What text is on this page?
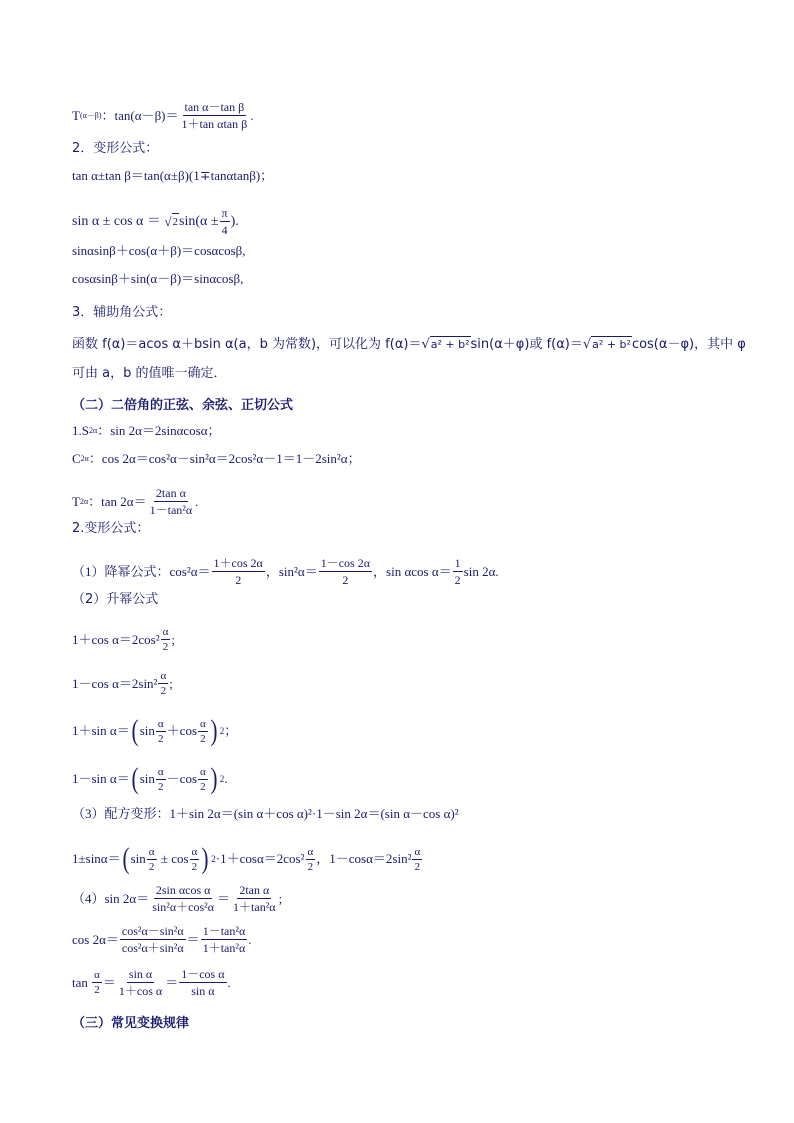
T (α－β) ：$\tan(\alpha-\beta)= \frac{\text{tan α－tan β}}{\text{1＋tan αtan β}}$ .
2．变形公式：
tan α±tan β＝tan(α±β)(1∓tanαtanβ)；
sin α ± cos α ＝ √ 2 $\sin(\alpha \pm \frac{\pi}{4}$ ).
sinαsinβ＋cos(α＋β)＝cosαcosβ,
cosαsinβ＋sin(α－β)＝sinαcosβ,
3．辅助角公式：
函数 f(α)＝acos α＋bsin α(a，b 为常数)，可以化为 f(α)＝ √ a² + b² sin(α＋φ)或 f(α)＝ √ a² + b² cos(α－φ)，其中 φ
可由 a，b 的值唯一确定．
（二）二倍角的正弦、余弦、正切公式
1.S 2α ：sin 2α＝2sinαcosα；
C 2α ：cos 2α＝cos²α－sin²α＝2cos²α－1＝1－2sin²α；
T 2α ：$\tan 2\alpha= \frac{\text{2tan α}}{\text{1－tan²α}}$ .
2.变形公式：
（1）降幂公式：$\cos^2\alpha= \frac{1+\cos 2\alpha}{2}$ ，$\sin^2\alpha= \frac{1-\cos 2\alpha}{2}$ ，sin αcos $\alpha= \frac{1}{2}$ sin 2α.
（2）升幂公式
1＋cos $\alpha=2\cos^2 \frac{\alpha}{2}$ ;
1－cos $\alpha=2\sin^2 \frac{\alpha}{2}$ ;
1＋sin α＝ ( $\sin \frac{\alpha}{2} +\cos \frac{\alpha}{2}$ ) 2 ；
1－sin α＝ ( $\sin \frac{\alpha}{2} -\cos \frac{\alpha}{2}$ ) 2 .
（3）配方变形：1＋sin 2α＝(sin α＋cos α)²·1－sin 2α＝(sin α－cos α)²
1±sinα＝ ( $\sin \frac{\alpha}{2} \pm \cos \frac{\alpha}{2}$ ) $2 \cdot 1+\cos\alpha=2\cos^2 \frac{\alpha}{2}$ ，$1-\cos\alpha=2\sin^2 \frac{\alpha}{2}$
（4）sin $2\alpha= \frac{\text{2sin αcos α}}{\text{sin²α＋cos²α}} = \frac{\text{2tan α}}{\text{1＋tan²α}}$ ;
$\cos 2\alpha= \frac{\text{cos²α－sin²α}}{\text{cos²α＋sin²α}} = \frac{\text{1－tan²α}}{\text{1＋tan²α}}$ .
$\tan \frac{\alpha}{2} = \frac{\text{sin α}}{\text{1＋cos α}} = \frac{\text{1－cos α}}{\text{sin α}}$ .
（三）常见变换规律
